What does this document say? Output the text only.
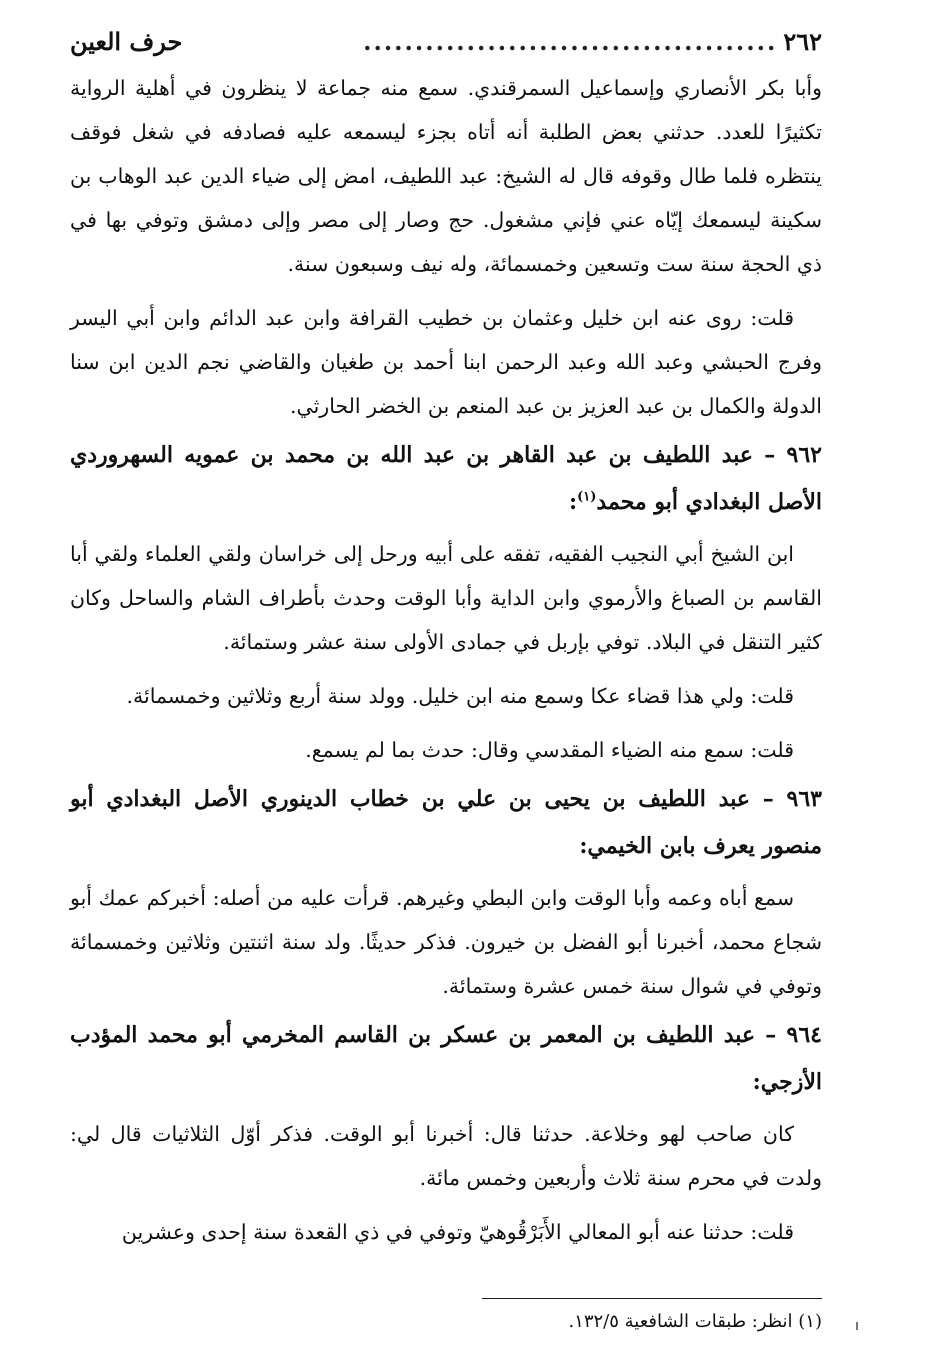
٢٦٢
........................................
حرف العين

وأبا بكر الأنصاري وإسماعيل السمرقندي. سمع منه جماعة لا ينظرون في أهلية الرواية تكثيرًا للعدد. حدثني بعض الطلبة أنه أتاه بجزء ليسمعه عليه فصادفه في شغل فوقف ينتظره فلما طال وقوفه قال له الشيخ: عبد اللطيف، امض إلى ضياء الدين عبد الوهاب بن سكينة ليسمعك إيّاه عني فإني مشغول. حج وصار إلى مصر وإلى دمشق وتوفي بها في ذي الحجة سنة ست وتسعين وخمسمائة، وله نيف وسبعون سنة.

قلت: روى عنه ابن خليل وعثمان بن خطيب القرافة وابن عبد الدائم وابن أبي اليسر وفرج الحبشي وعبد الله وعبد الرحمن ابنا أحمد بن طغيان والقاضي نجم الدين ابن سنا الدولة والكمال بن عبد العزيز بن عبد المنعم بن الخضر الحارثي.

٩٦٢ – عبد اللطيف بن عبد القاهر بن عبد الله بن محمد بن عمويه السهروردي الأصل البغدادي أبو محمد$^{(١)}$:

ابن الشيخ أبي النجيب الفقيه، تفقه على أبيه ورحل إلى خراسان ولقي العلماء ولقي أبا القاسم بن الصباغ والأرموي وابن الداية وأبا الوقت وحدث بأطراف الشام والساحل وكان كثير التنقل في البلاد. توفي بإربل في جمادى الأولى سنة عشر وستمائة.

قلت: ولي هذا قضاء عكا وسمع منه ابن خليل. وولد سنة أربع وثلاثين وخمسمائة.

قلت: سمع منه الضياء المقدسي وقال: حدث بما لم يسمع.

٩٦٣ – عبد اللطيف بن يحيى بن علي بن خطاب الدينوري الأصل البغدادي أبو منصور يعرف بابن الخيمي:

سمع أباه وعمه وأبا الوقت وابن البطي وغيرهم. قرأت عليه من أصله: أخبركم عمك أبو شجاع محمد، أخبرنا أبو الفضل بن خيرون. فذكر حديثًا. ولد سنة اثنتين وثلاثين وخمسمائة وتوفي في شوال سنة خمس عشرة وستمائة.

٩٦٤ – عبد اللطيف بن المعمر بن عسكر بن القاسم المخرمي أبو محمد المؤدب الأزجي:

كان صاحب لهو وخلاعة. حدثنا قال: أخبرنا أبو الوقت. فذكر أوّل الثلاثيات قال لي: ولدت في محرم سنة ثلاث وأربعين وخمس مائة.

قلت: حدثنا عنه أبو المعالي الأَبَرْقُوهيّ وتوفي في ذي القعدة سنة إحدى وعشرين

(١) انظر: طبقات الشافعية ١٣٢/٥.
